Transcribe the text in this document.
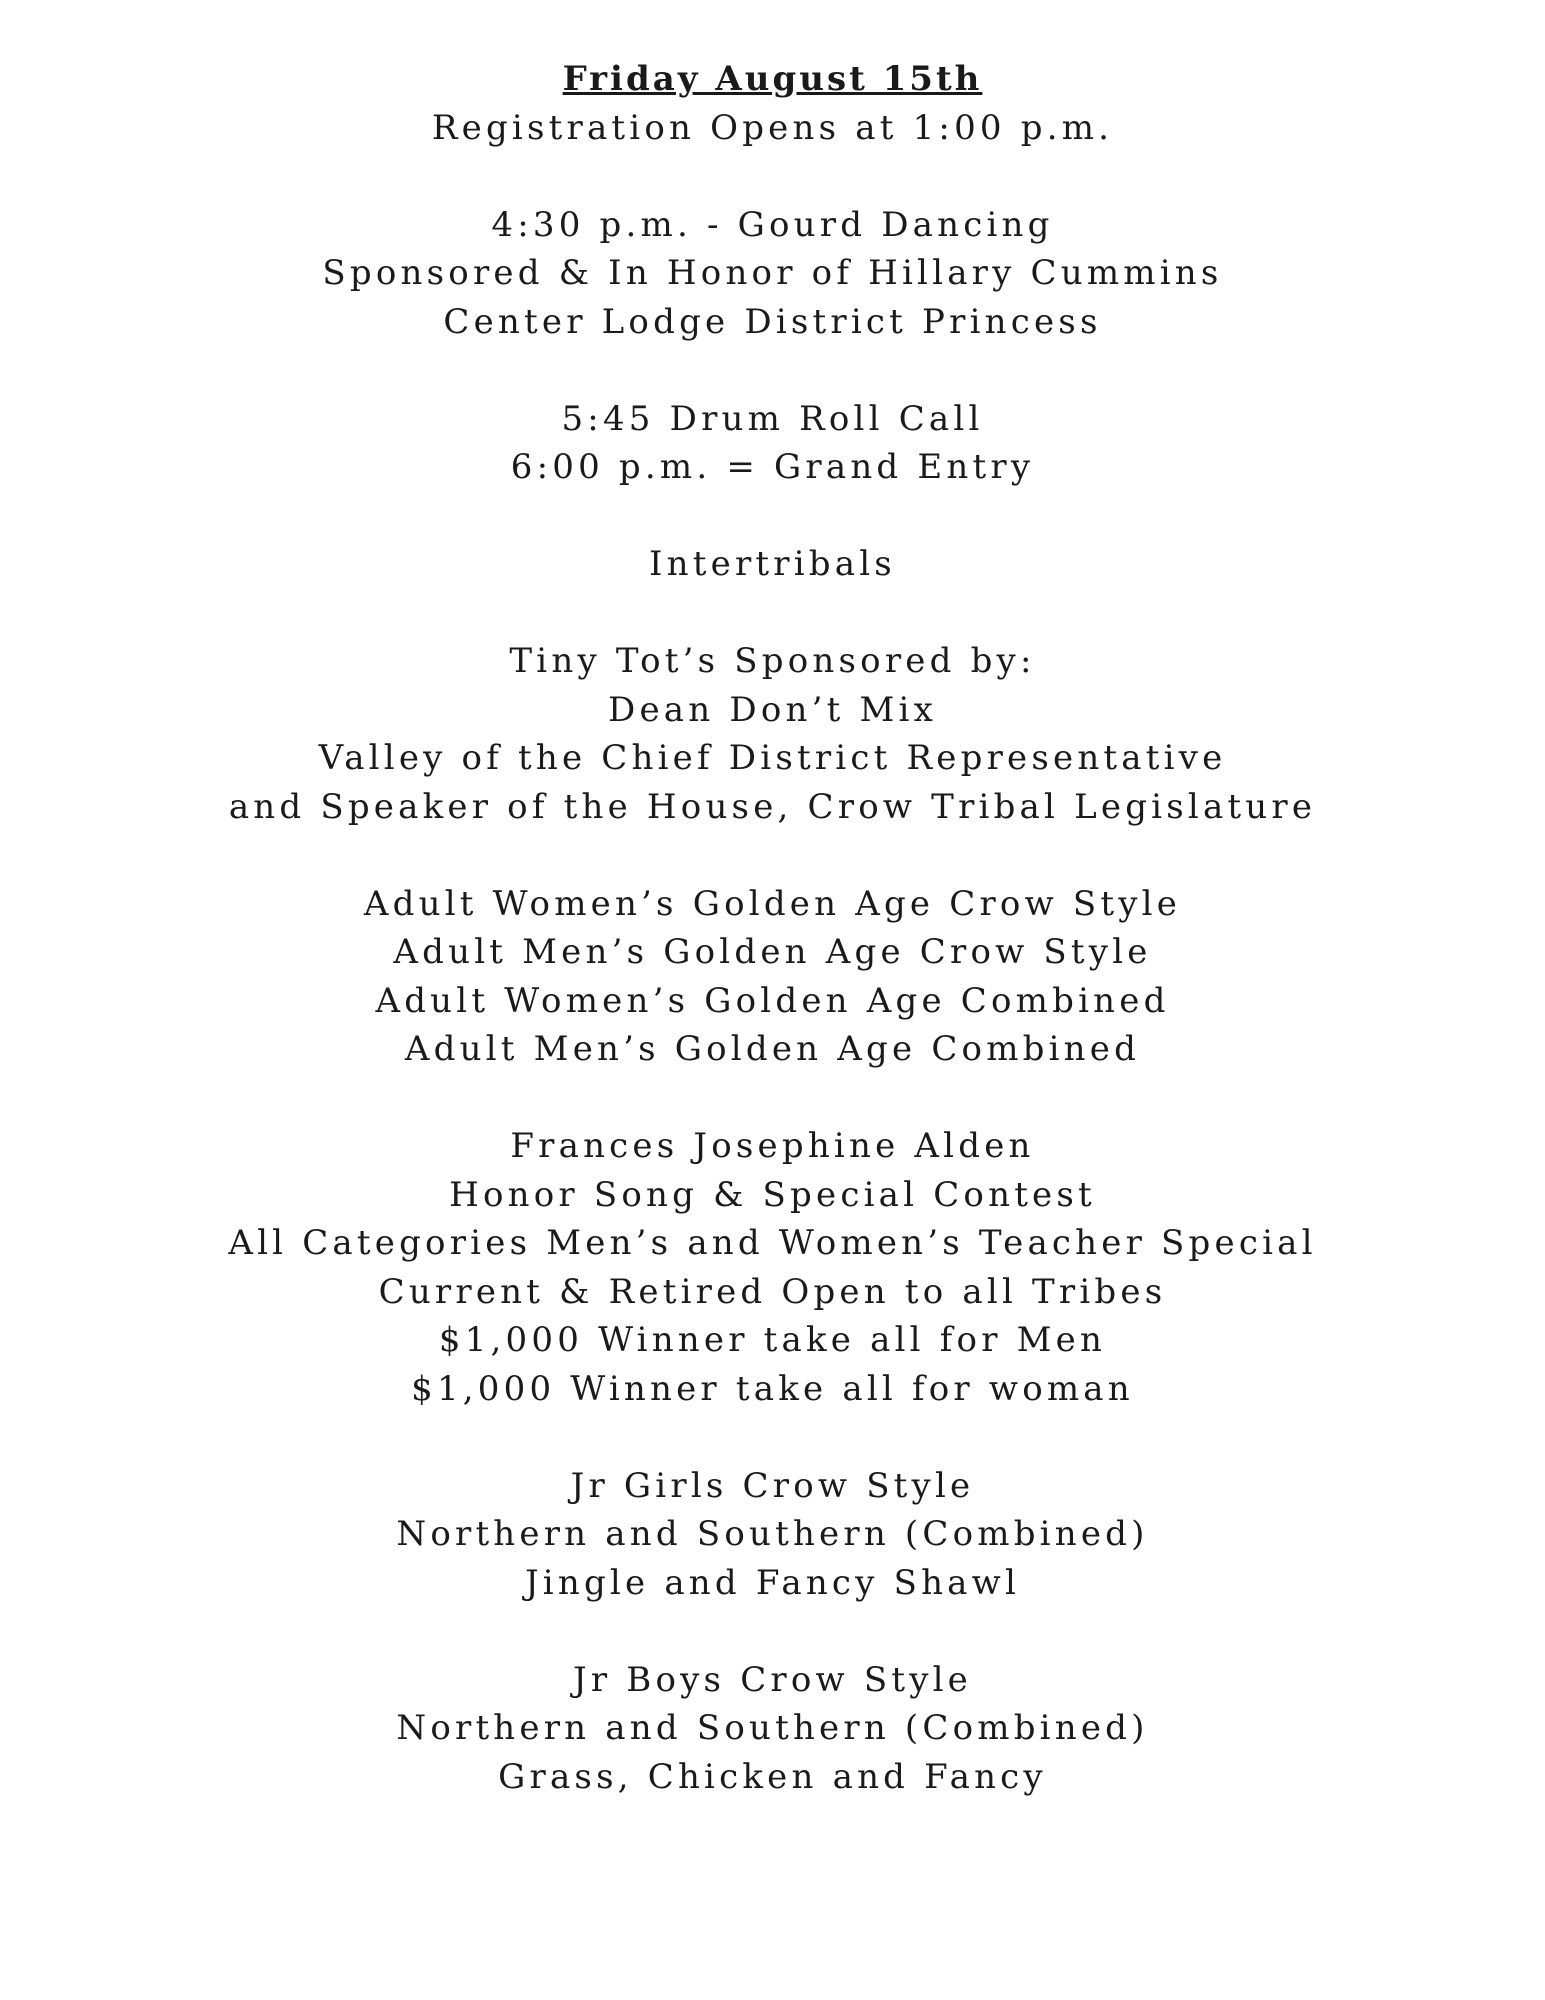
Friday August 15th
Registration Opens at 1:00 p.m.
4:30 p.m. - Gourd Dancing
Sponsored & In Honor of Hillary Cummins
Center Lodge District Princess
5:45 Drum Roll Call
6:00 p.m. = Grand Entry
Intertribals
Tiny Tot’s Sponsored by:
Dean Don’t Mix
Valley of the Chief District Representative
and Speaker of the House, Crow Tribal Legislature
Adult Women’s Golden Age Crow Style
Adult Men’s Golden Age Crow Style
Adult Women’s Golden Age Combined
Adult Men’s Golden Age Combined
Frances Josephine Alden
Honor Song & Special Contest
All Categories Men’s and Women’s Teacher Special
Current & Retired Open to all Tribes
$1,000 Winner take all for Men
$1,000 Winner take all for woman
Jr Girls Crow Style
Northern and Southern (Combined)
Jingle and Fancy Shawl
Jr Boys Crow Style
Northern and Southern (Combined)
Grass, Chicken and Fancy
